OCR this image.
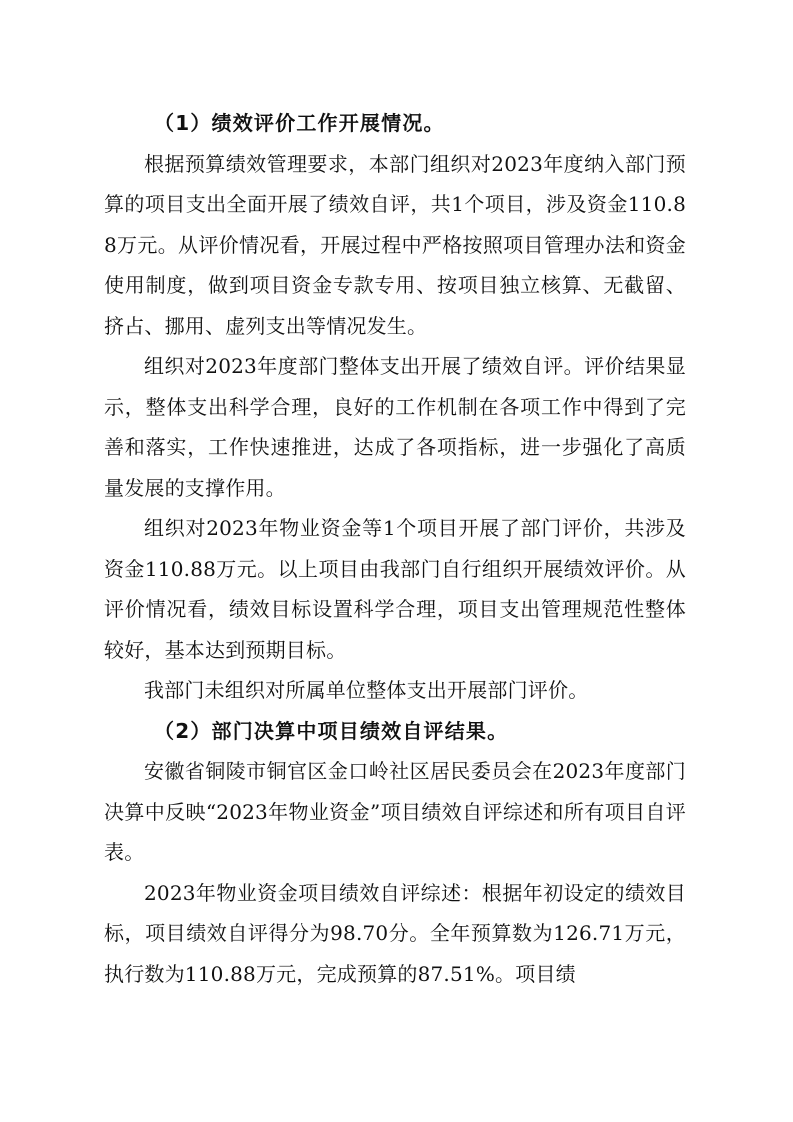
（1）绩效评价工作开展情况。

根据预算绩效管理要求，本部门组织对2023年度纳入部门预算的项目支出全面开展了绩效自评，共1个项目，涉及资金110.88万元。从评价情况看，开展过程中严格按照项目管理办法和资金使用制度，做到项目资金专款专用、按项目独立核算、无截留、挤占、挪用、虚列支出等情况发生。

组织对2023年度部门整体支出开展了绩效自评。评价结果显示，整体支出科学合理，良好的工作机制在各项工作中得到了完善和落实，工作快速推进，达成了各项指标，进一步强化了高质量发展的支撑作用。

组织对2023年物业资金等1个项目开展了部门评价，共涉及资金110.88万元。以上项目由我部门自行组织开展绩效评价。从评价情况看，绩效目标设置科学合理，项目支出管理规范性整体较好，基本达到预期目标。

我部门未组织对所属单位整体支出开展部门评价。

（2）部门决算中项目绩效自评结果。

安徽省铜陵市铜官区金口岭社区居民委员会在2023年度部门决算中反映“2023年物业资金”项目绩效自评综述和所有项目自评表。

2023年物业资金项目绩效自评综述：根据年初设定的绩效目标，项目绩效自评得分为98.70分。全年预算数为126.71万元，执行数为110.88万元，完成预算的87.51%。项目绩
